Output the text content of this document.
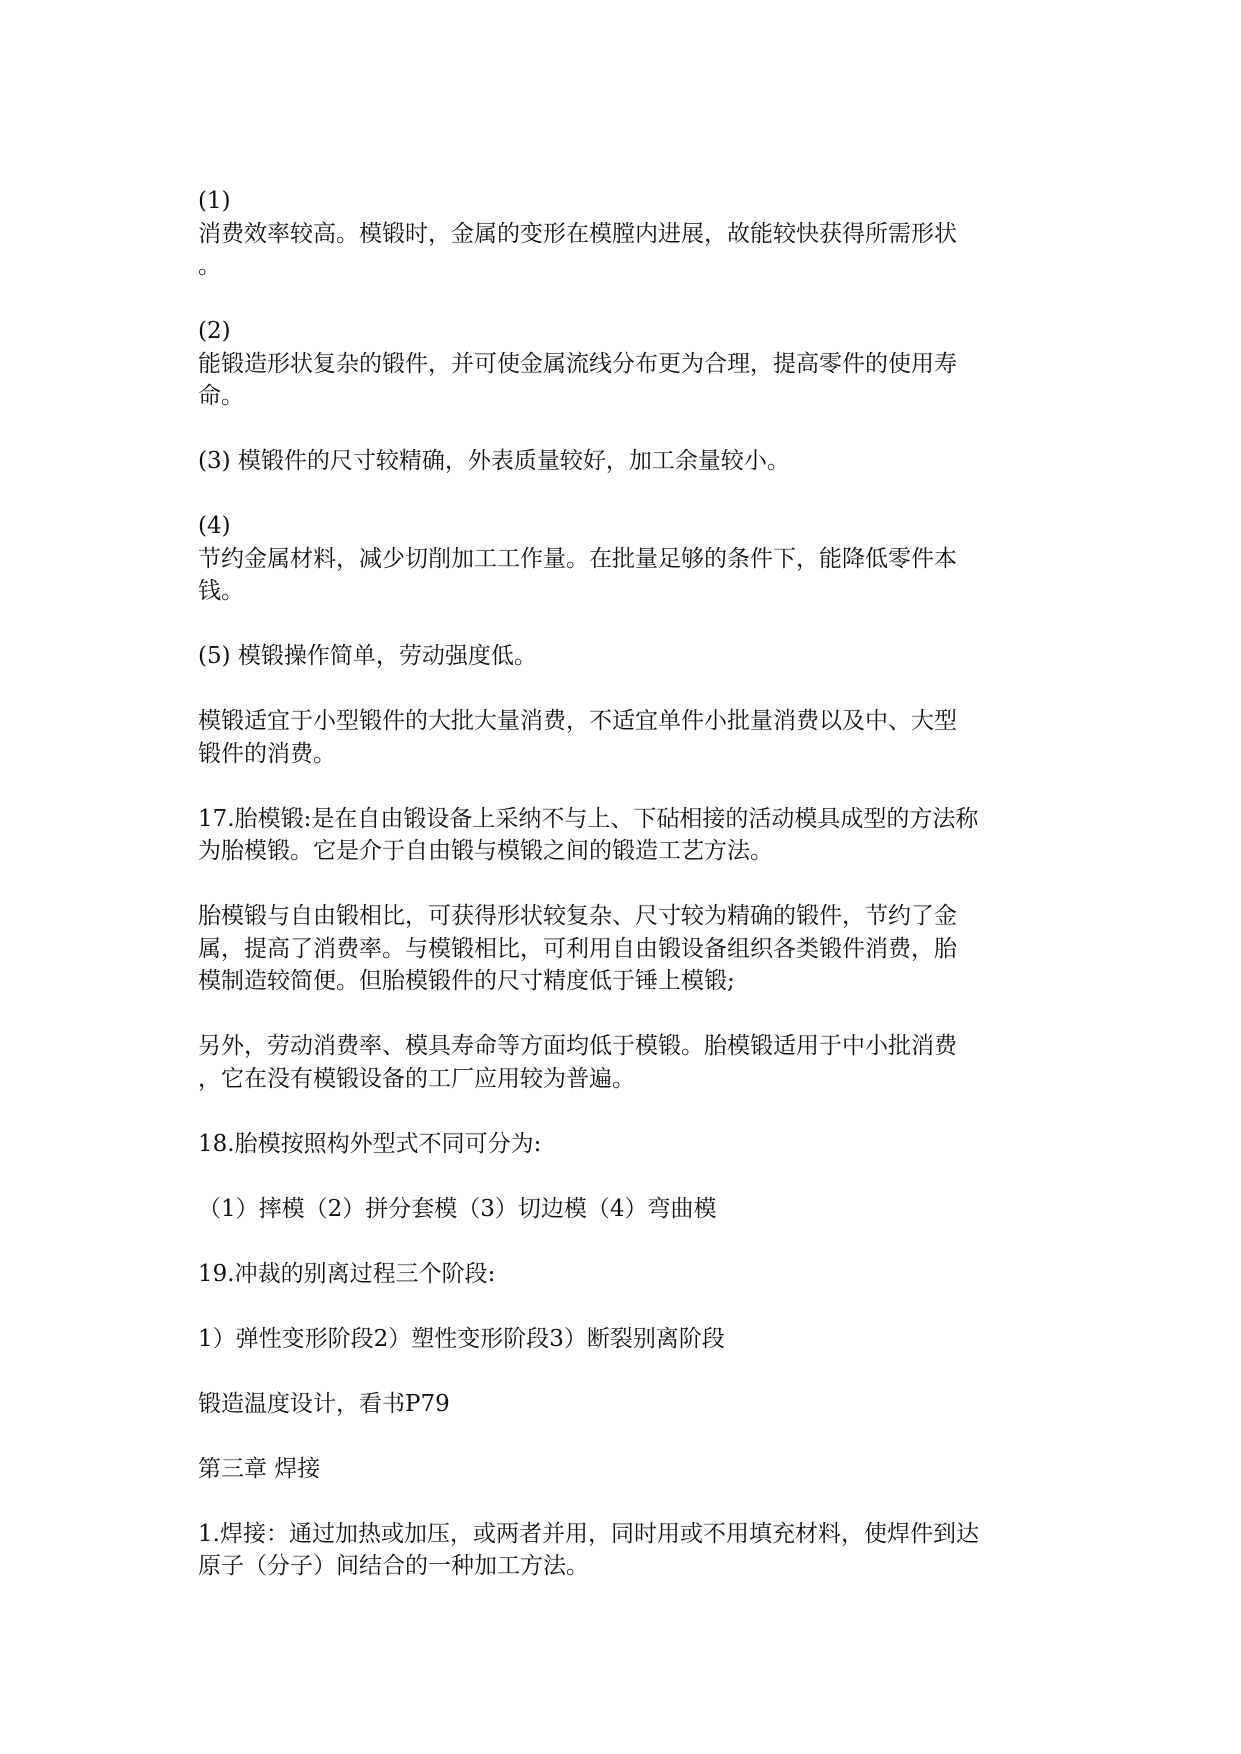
(1)
消费效率较高。模锻时，金属的变形在模膛内进展，故能较快获得所需形状
。
(2)
能锻造形状复杂的锻件，并可使金属流线分布更为合理，提高零件的使用寿
命。
(3) 模锻件的尺寸较精确，外表质量较好，加工余量较小。
(4)
节约金属材料，减少切削加工工作量。在批量足够的条件下，能降低零件本
钱。
(5) 模锻操作简单，劳动强度低。
模锻适宜于小型锻件的大批大量消费，不适宜单件小批量消费以及中、大型
锻件的消费。
17.胎模锻:是在自由锻设备上采纳不与上、下砧相接的活动模具成型的方法称
为胎模锻。它是介于自由锻与模锻之间的锻造工艺方法。
胎模锻与自由锻相比，可获得形状较复杂、尺寸较为精确的锻件，节约了金
属，提高了消费率。与模锻相比，可利用自由锻设备组织各类锻件消费，胎
模制造较简便。但胎模锻件的尺寸精度低于锤上模锻;
另外，劳动消费率、模具寿命等方面均低于模锻。胎模锻适用于中小批消费
，它在没有模锻设备的工厂应用较为普遍。
18.胎模按照构外型式不同可分为:
（1）摔模（2）拼分套模（3）切边模（4）弯曲模
19.冲裁的别离过程三个阶段:
1）弹性变形阶段2）塑性变形阶段3）断裂别离阶段
锻造温度设计，看书P79
第三章 焊接
1.焊接：通过加热或加压，或两者并用，同时用或不用填充材料，使焊件到达
原子（分子）间结合的一种加工方法。
